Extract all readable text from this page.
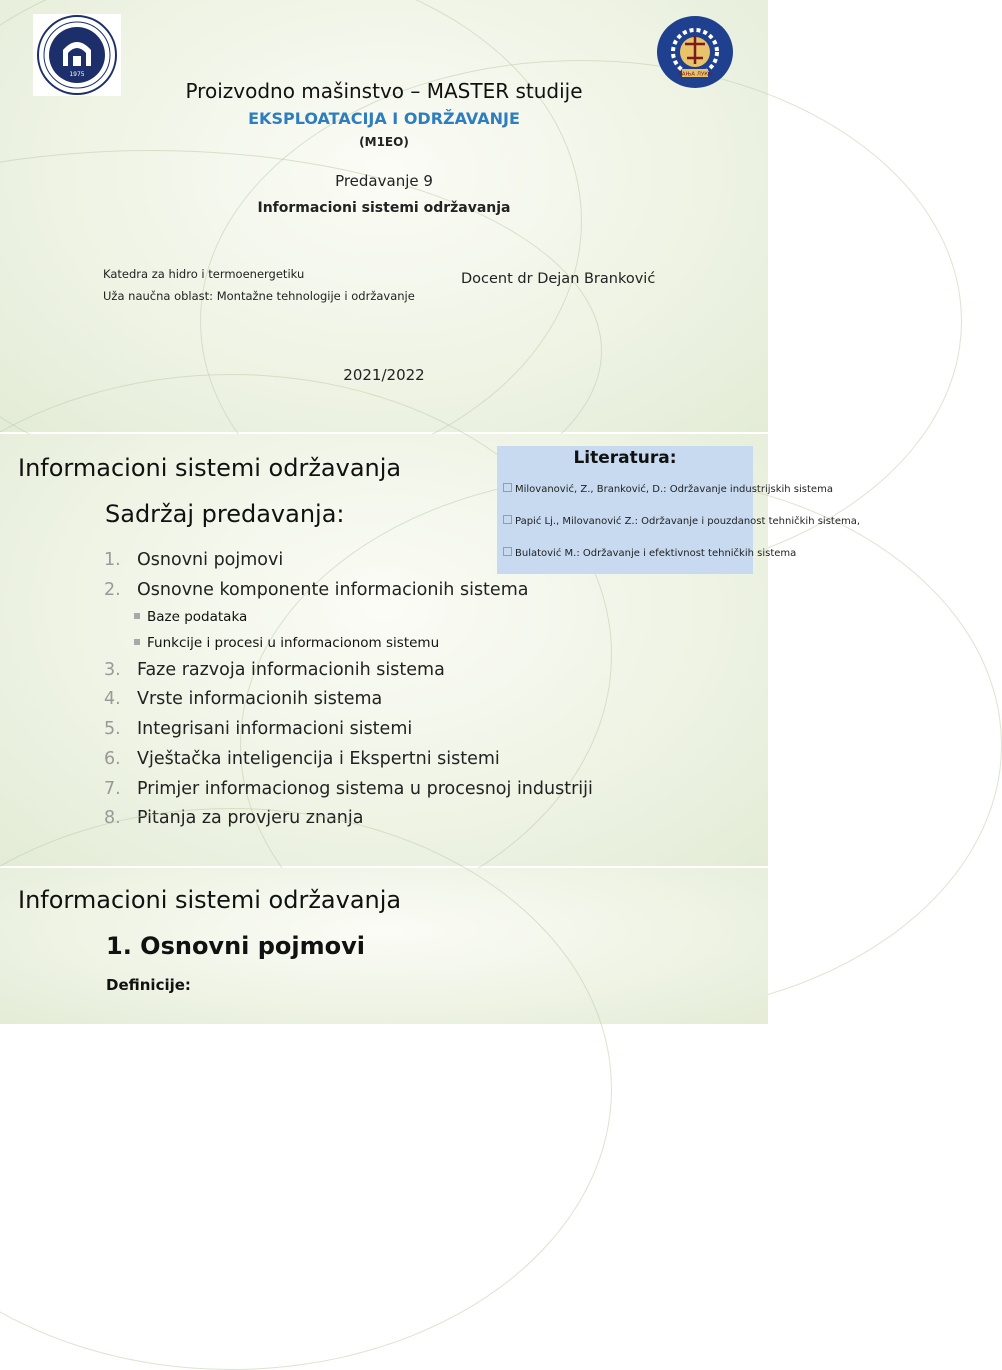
1975	БАЊА ЛУКА
Proizvodno mašinstvo – MASTER studije
EKSPLOATACIJA I ODRŽAVANJE
(M1EO)
Predavanje 9
Informacioni sistemi održavanja
Katedra za hidro i termoenergetiku
Uža naučna oblast: Montažne tehnologije i održavanje
Docent dr Dejan Branković
2021/2022
Informacioni sistemi održavanja
Sadržaj predavanja:
Literatura:
Milovanović, Z., Branković, D.: Održavanje industrijskih sistema
Papić Lj., Milovanović Z.: Održavanje i pouzdanost tehničkih sistema,
Bulatović M.: Održavanje i efektivnost tehničkih sistema
1. Osnovni pojmovi
2. Osnovne komponente informacionih sistema
Baze podataka
Funkcije i procesi u informacionom sistemu
3. Faze razvoja informacionih sistema
4. Vrste informacionih sistema
5. Integrisani informacioni sistemi
6. Vještačka inteligencija i Ekspertni sistemi
7. Primjer informacionog sistema u procesnoj industriji
8. Pitanja za provjeru znanja
Informacioni sistemi održavanja
1. Osnovni pojmovi
Definicije:
